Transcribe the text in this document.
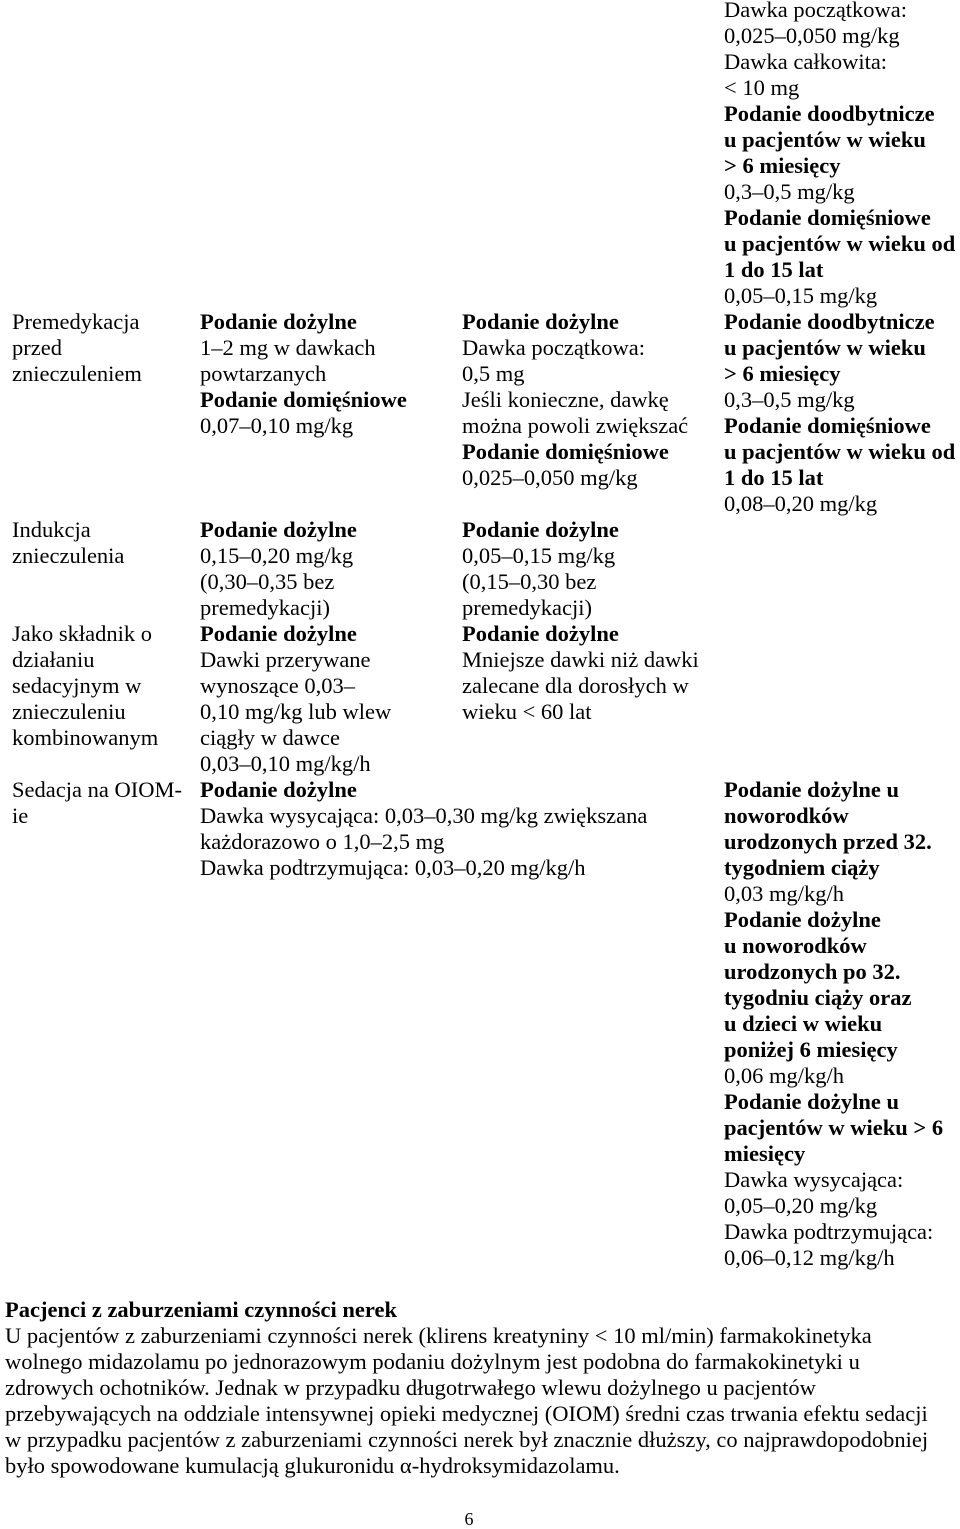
Dawka początkowa:
0,025–0,050 mg/kg
Dawka całkowita:
< 10 mg
Podanie doodbytnicze
u pacjentów w wieku
> 6 miesięcy
0,3–0,5 mg/kg
Podanie domięśniowe
u pacjentów w wieku od
1 do 15 lat
0,05–0,15 mg/kg
Premedykacja
przed
znieczuleniem
Podanie dożylne
1–2 mg w dawkach
powtarzanych
Podanie domięśniowe
0,07–0,10 mg/kg
Podanie dożylne
Dawka początkowa:
0,5 mg
Jeśli konieczne, dawkę
można powoli zwiększać
Podanie domięśniowe
0,025–0,050 mg/kg
Podanie doodbytnicze
u pacjentów w wieku
> 6 miesięcy
0,3–0,5 mg/kg
Podanie domięśniowe
u pacjentów w wieku od
1 do 15 lat
0,08–0,20 mg/kg
Indukcja
znieczulenia
Podanie dożylne
0,15–0,20 mg/kg
(0,30–0,35 bez
premedykacji)
Podanie dożylne
0,05–0,15 mg/kg
(0,15–0,30 bez
premedykacji)
Jako składnik o
działaniu
sedacyjnym w
znieczuleniu
kombinowanym
Podanie dożylne
Dawki przerywane
wynoszące 0,03–
0,10 mg/kg lub wlew
ciągły w dawce
0,03–0,10 mg/kg/h
Podanie dożylne
Mniejsze dawki niż dawki
zalecane dla dorosłych w
wieku < 60 lat
Sedacja na OIOM-
ie
Podanie dożylne
Dawka wysycająca: 0,03–0,30 mg/kg zwiększana
każdorazowo o 1,0–2,5 mg
Dawka podtrzymująca: 0,03–0,20 mg/kg/h
Podanie dożylne u
noworodków
urodzonych przed 32.
tygodniem ciąży
0,03 mg/kg/h
Podanie dożylne
u noworodków
urodzonych po 32.
tygodniu ciąży oraz
u dzieci w wieku
poniżej 6 miesięcy
0,06 mg/kg/h
Podanie dożylne u
pacjentów w wieku > 6
miesięcy
Dawka wysycająca:
0,05–0,20 mg/kg
Dawka podtrzymująca:
0,06–0,12 mg/kg/h
Pacjenci z zaburzeniami czynności nerek
U pacjentów z zaburzeniami czynności nerek (klirens kreatyniny < 10 ml/min) farmakokinetyka
wolnego midazolamu po jednorazowym podaniu dożylnym jest podobna do farmakokinetyki u
zdrowych ochotników. Jednak w przypadku długotrwałego wlewu dożylnego u pacjentów
przebywających na oddziale intensywnej opieki medycznej (OIOM) średni czas trwania efektu sedacji
w przypadku pacjentów z zaburzeniami czynności nerek był znacznie dłuższy, co najprawdopodobniej
było spowodowane kumulacją glukuronidu α-hydroksymidazolamu.
6
